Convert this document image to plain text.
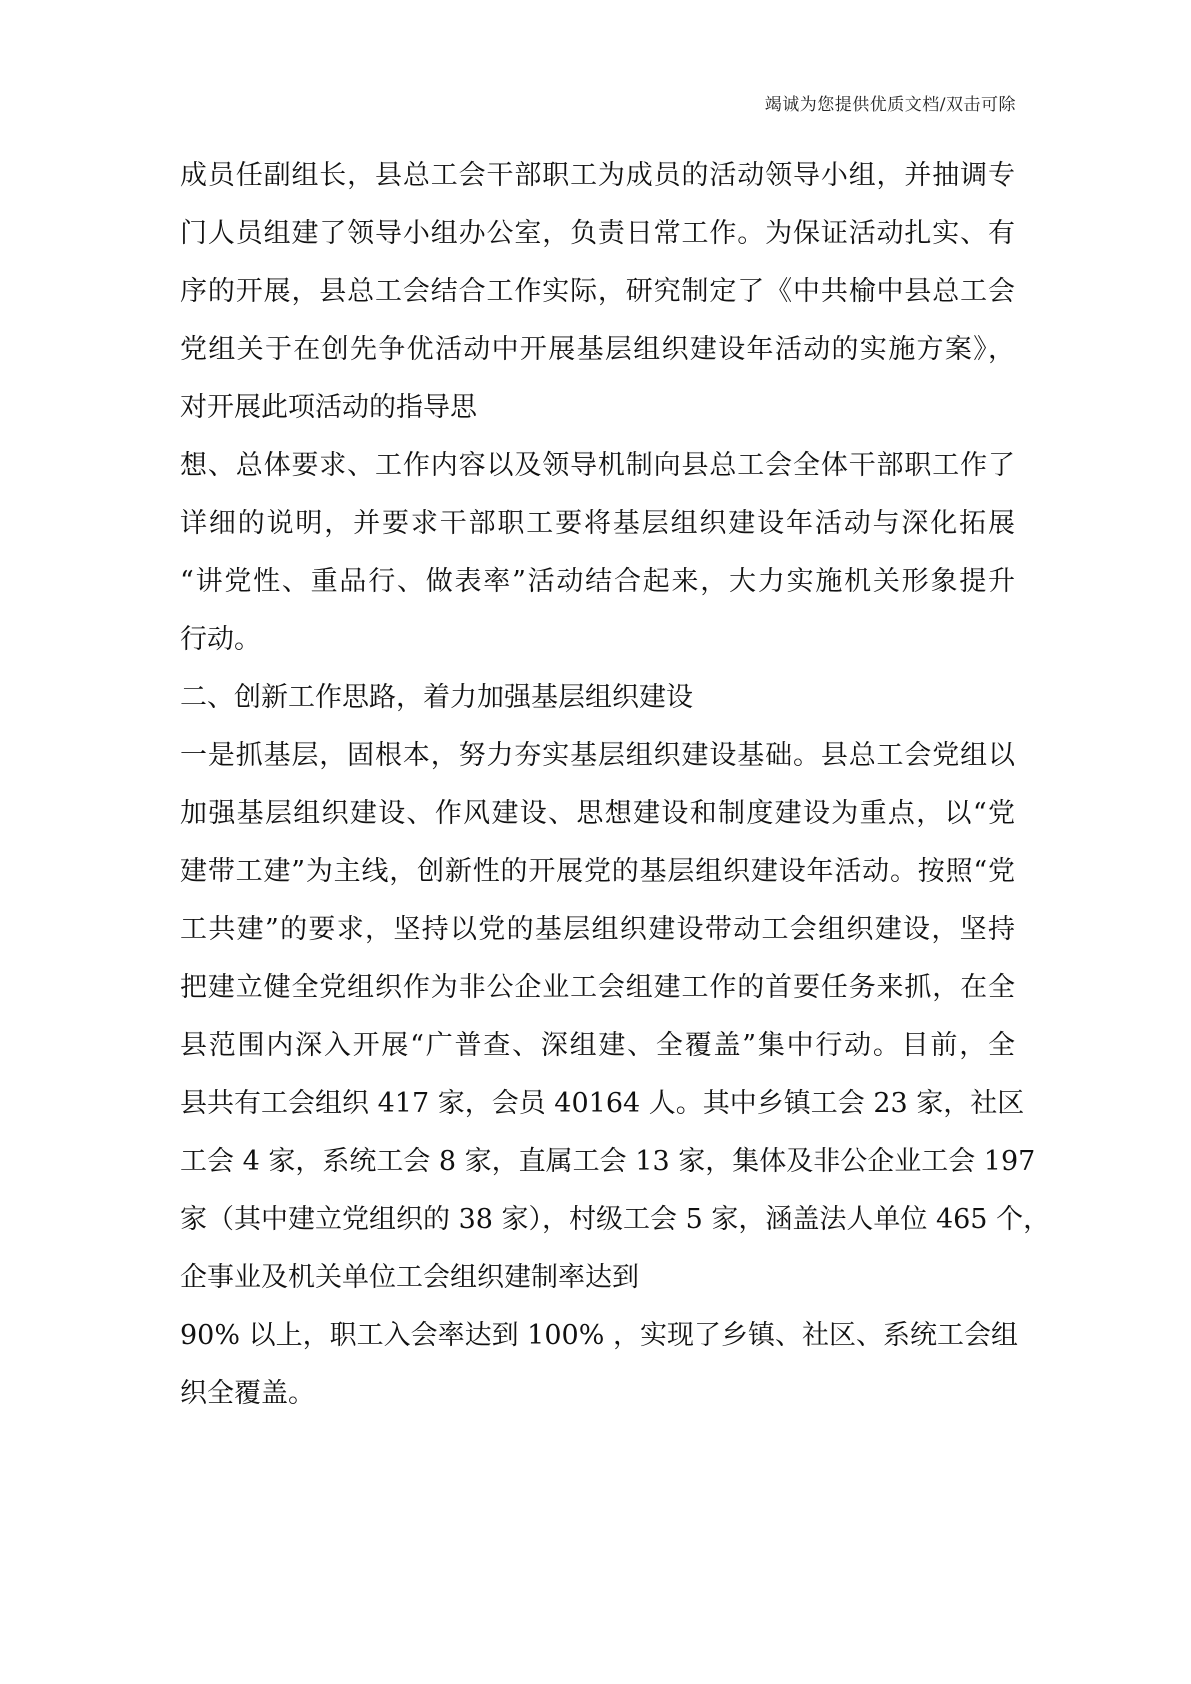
竭诚为您提供优质文档/双击可除
成员任副组长，县总工会干部职工为成员的活动领导小组，并抽调专
门人员组建了领导小组办公室，负责日常工作。为保证活动扎实、有
序的开展，县总工会结合工作实际，研究制定了《中共榆中县总工会
党组关于在创先争优活动中开展基层组织建设年活动的实施方案》，
对开展此项活动的指导思
想、总体要求、工作内容以及领导机制向县总工会全体干部职工作了
详细的说明，并要求干部职工要将基层组织建设年活动与深化拓展
“讲党性、重品行、做表率”活动结合起来，大力实施机关形象提升
行动。
二、创新工作思路，着力加强基层组织建设
一是抓基层，固根本，努力夯实基层组织建设基础。县总工会党组以
加强基层组织建设、作风建设、思想建设和制度建设为重点，以“党
建带工建”为主线，创新性的开展党的基层组织建设年活动。按照“党
工共建”的要求，坚持以党的基层组织建设带动工会组织建设，坚持
把建立健全党组织作为非公企业工会组建工作的首要任务来抓，在全
县范围内深入开展“广普查、深组建、全覆盖”集中行动。目前，全
县共有工会组织 417 家，会员 40164 人。其中乡镇工会 23 家，社区
工会 4 家，系统工会 8 家，直属工会 13 家，集体及非公企业工会 197
家（其中建立党组织的 38 家），村级工会 5 家，涵盖法人单位 465 个，
企事业及机关单位工会组织建制率达到
90% 以上，职工入会率达到 100% ，实现了乡镇、社区、系统工会组
织全覆盖。
